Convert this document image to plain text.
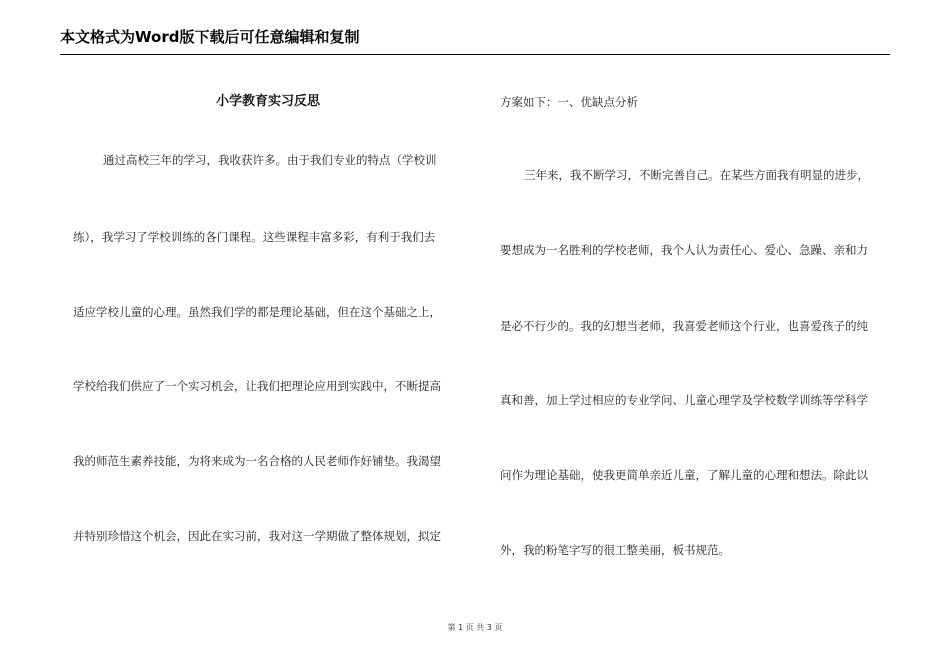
本文格式为Word版下载后可任意编辑和复制
小学教育实习反思
通过高校三年的学习，我收获许多。由于我们专业的特点（学校训
练），我学习了学校训练的各门课程。这些课程丰富多彩，有利于我们去
适应学校儿童的心理。虽然我们学的都是理论基础，但在这个基础之上，
学校给我们供应了一个实习机会，让我们把理论应用到实践中，不断提高
我的师范生素养技能，为将来成为一名合格的人民老师作好铺垫。我渴望
并特别珍惜这个机会，因此在实习前，我对这一学期做了整体规划，拟定
方案如下：一、优缺点分析
三年来，我不断学习，不断完善自己。在某些方面我有明显的进步，
要想成为一名胜利的学校老师，我个人认为责任心、爱心、急躁、亲和力
是必不行少的。我的幻想当老师，我喜爱老师这个行业，也喜爱孩子的纯
真和善，加上学过相应的专业学问、儿童心理学及学校数学训练等学科学
问作为理论基础，使我更简单亲近儿童，了解儿童的心理和想法。除此以
外，我的粉笔字写的很工整美丽，板书规范。
第 1 页 共 3 页
